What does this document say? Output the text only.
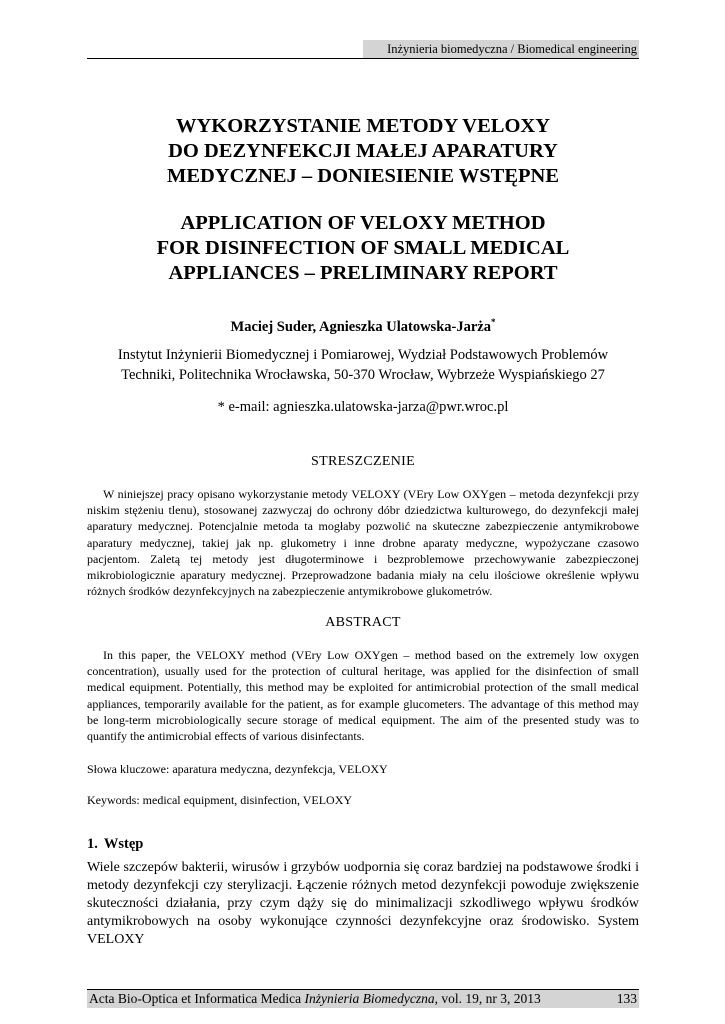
Inżynieria biomedyczna / Biomedical engineering
WYKORZYSTANIE METODY VELOXY
DO DEZYNFEKCJI MAŁEJ APARATURY
MEDYCZNEJ – DONIESIENIE WSTĘPNE
APPLICATION OF VELOXY METHOD
FOR DISINFECTION OF SMALL MEDICAL
APPLIANCES – PRELIMINARY REPORT
Maciej Suder, Agnieszka Ulatowska-Jarża*
Instytut Inżynierii Biomedycznej i Pomiarowej, Wydział Podstawowych Problemów
Techniki, Politechnika Wrocławska, 50-370 Wrocław, Wybrzeże Wyspiańskiego 27
* e-mail: agnieszka.ulatowska-jarza@pwr.wroc.pl
STRESZCZENIE
W niniejszej pracy opisano wykorzystanie metody VELOXY (VEry Low OXYgen – metoda dezynfekcji przy niskim stężeniu tlenu), stosowanej zazwyczaj do ochrony dóbr dziedzictwa kulturowego, do dezynfekcji małej aparatury medycznej. Potencjalnie metoda ta mogłaby pozwolić na skuteczne zabezpieczenie antymikrobowe aparatury medycznej, takiej jak np. glukometry i inne drobne aparaty medyczne, wypożyczane czasowo pacjentom. Zaletą tej metody jest długoterminowe i bezproblemowe przechowywanie zabezpieczonej mikrobiologicznie aparatury medycznej. Przeprowadzone badania miały na celu ilościowe określenie wpływu różnych środków dezynfekcyjnych na zabezpieczenie antymikrobowe glukometrów.
ABSTRACT
In this paper, the VELOXY method (VEry Low OXYgen – method based on the extremely low oxygen concentration), usually used for the protection of cultural heritage, was applied for the disinfection of small medical equipment. Potentially, this method may be exploited for antimicrobial protection of the small medical appliances, temporarily available for the patient, as for example glucometers. The advantage of this method may be long-term microbiologically secure storage of medical equipment. The aim of the presented study was to quantify the antimicrobial effects of various disinfectants.
Słowa kluczowe: aparatura medyczna, dezynfekcja, VELOXY
Keywords: medical equipment, disinfection, VELOXY
1. Wstęp
Wiele szczepów bakterii, wirusów i grzybów uodpornia się coraz bardziej na podstawowe środki i metody dezynfekcji czy sterylizacji. Łączenie różnych metod dezynfekcji powoduje zwiększenie skuteczności działania, przy czym dąży się do minimalizacji szkodliwego wpływu środków antymikrobowych na osoby wykonujące czynności dezynfekcyjne oraz środowisko. System VELOXY
Acta Bio-Optica et Informatica Medica Inżynieria Biomedyczna, vol. 19, nr 3, 2013	133
